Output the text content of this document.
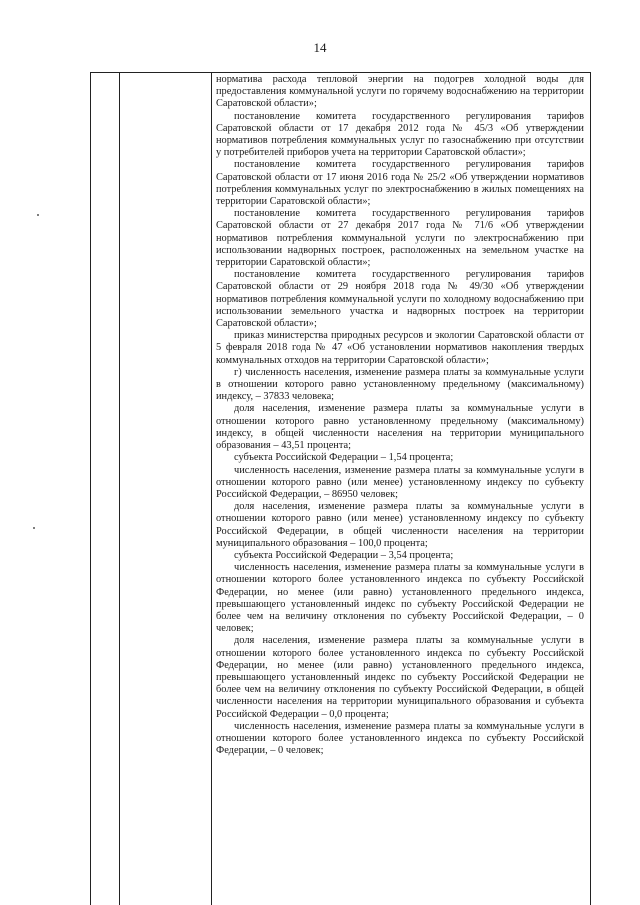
14

нормативa расхода тепловой энергии на подогрев холодной воды для предоставления коммунальной услуги по горячему водоснабжению на территории Саратовской области»;

постановление комитета государственного регулирования тарифов Саратовской области от 17 декабря 2012 года № 45/3 «Об утверждении нормативов потребления коммунальных услуг по газоснабжению при отсутствии у потребителей приборов учета на территории Саратовской области»;

постановление комитета государственного регулирования тарифов Саратовской области от 17 июня 2016 года № 25/2 «Об утверждении нормативов потребления коммунальных услуг по электроснабжению в жилых помещениях на территории Саратовской области»;

постановление комитета государственного регулирования тарифов Саратовской области от 27 декабря 2017 года № 71/6 «Об утверждении нормативов потребления коммунальной услуги по электроснабжению при использовании надворных построек, расположенных на земельном участке на территории Саратовской области»;

постановление комитета государственного регулирования тарифов Саратовской области от 29 ноября 2018 года № 49/30 «Об утверждении нормативов потребления коммунальной услуги по холодному водоснабжению при использовании земельного участка и надворных построек на территории Саратовской области»;

приказ министерства природных ресурсов и экологии Саратовской области от 5 февраля 2018 года № 47 «Об установлении нормативов накопления твердых коммунальных отходов на территории Саратовской области»;

г) численность населения, изменение размера платы за коммунальные услуги в отношении которого равно установленному предельному (максимальному) индексу, – 37833 человека;

доля населения, изменение размера платы за коммунальные услуги в отношении которого равно установленному предельному (максимальному) индексу, в общей численности населения на территории муниципального образования – 43,51 процента;

субъекта Российской Федерации – 1,54 процента;

численность населения, изменение размера платы за коммунальные услуги в отношении которого равно (или менее) установленному индексу по субъекту Российской Федерации, – 86950 человек;

доля населения, изменение размера платы за коммунальные услуги в отношении которого равно (или менее) установленному индексу по субъекту Российской Федерации, в общей численности населения на территории муниципального образования – 100,0 процента;

субъекта Российской Федерации – 3,54 процента;

численность населения, изменение размера платы за коммунальные услуги в отношении которого более установленного индекса по субъекту Российской Федерации, но менее (или равно) установленного предельного индекса, превышающего установленный индекс по субъекту Российской Федерации не более чем на величину отклонения по субъекту Российской Федерации, – 0 человек;

доля населения, изменение размера платы за коммунальные услуги в отношении которого более установленного индекса по субъекту Российской Федерации, но менее (или равно) установленного предельного индекса, превышающего установленный индекс по субъекту Российской Федерации не более чем на величину отклонения по субъекту Российской Федерации, в общей численности населения на территории муниципального образования и субъекта Российской Федерации – 0,0 процента;

численность населения, изменение размера платы за коммунальные услуги в отношении которого более установленного индекса по субъекту Российской Федерации, – 0 человек;
